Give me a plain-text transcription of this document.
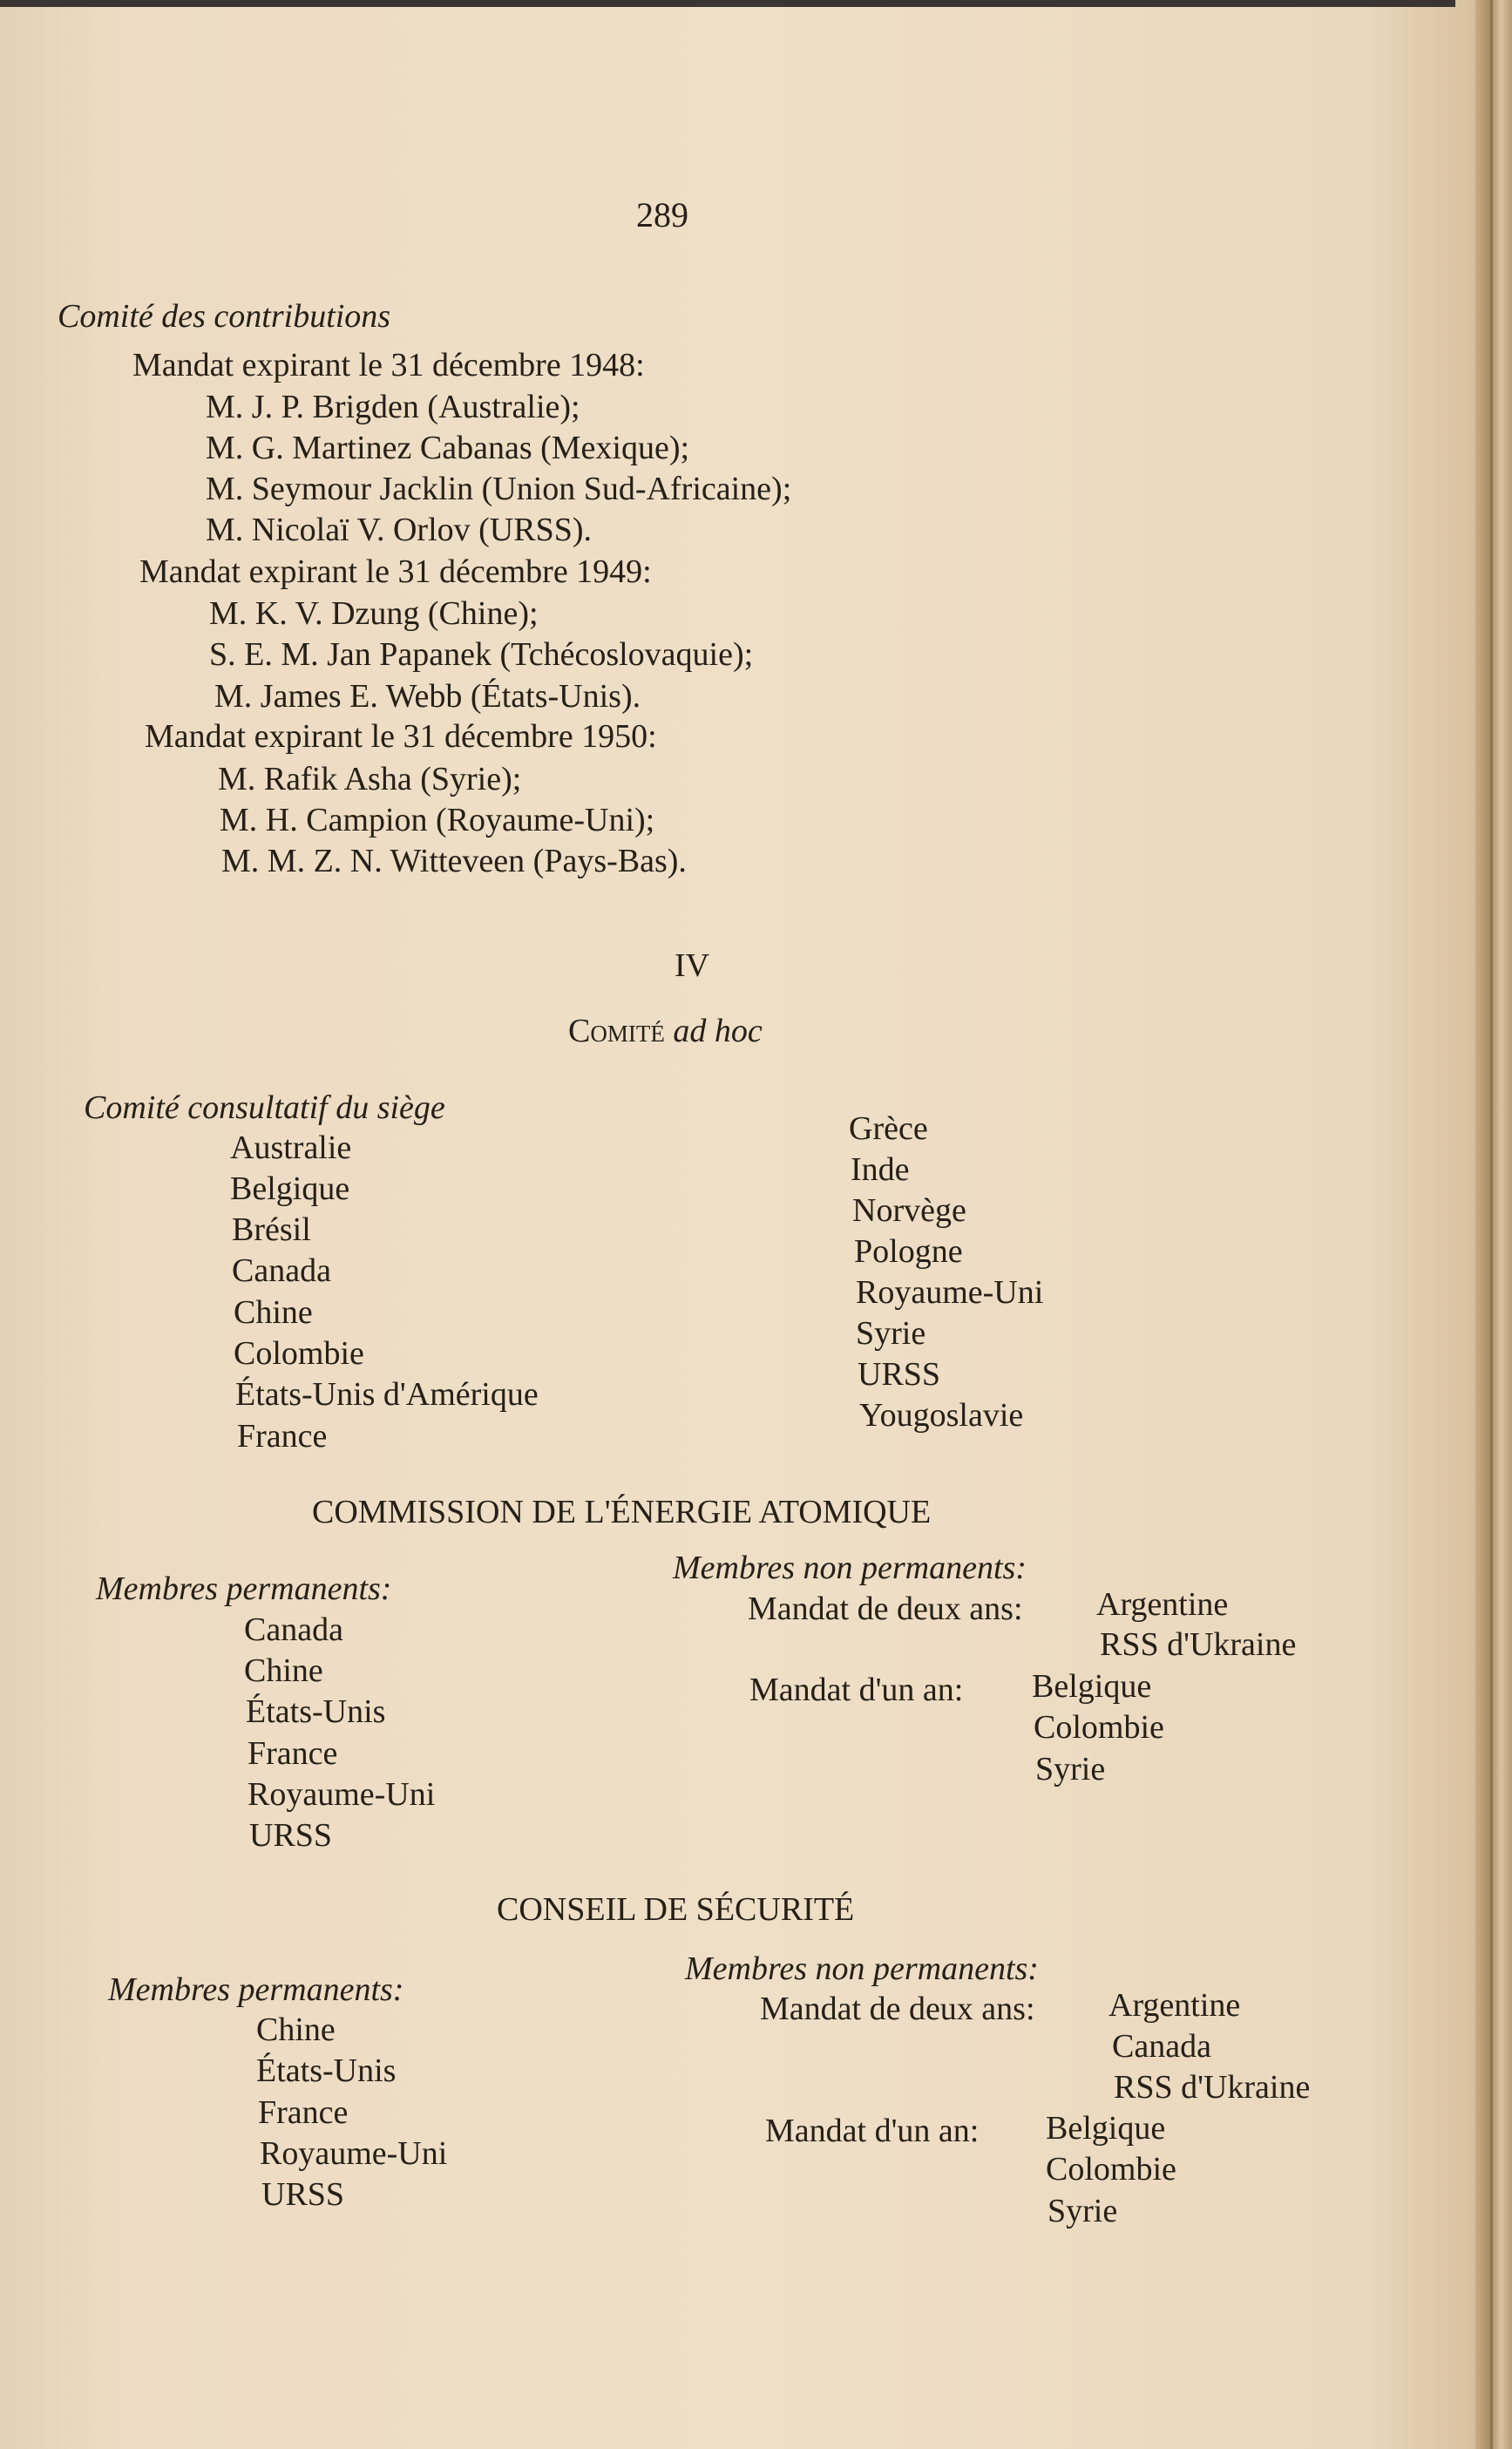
289
Comité des contributions
Mandat expirant le 31 décembre 1948:
M. J. P. Brigden (Australie);
M. G. Martinez Cabanas (Mexique);
M. Seymour Jacklin (Union Sud-Africaine);
M. Nicolaï V. Orlov (URSS).
Mandat expirant le 31 décembre 1949:
M. K. V. Dzung (Chine);
S. E. M. Jan Papanek (Tchécoslovaquie);
M. James E. Webb (États-Unis).
Mandat expirant le 31 décembre 1950:
M. Rafik Asha (Syrie);
M. H. Campion (Royaume-Uni);
M. M. Z. N. Witteveen (Pays-Bas).
IV
Comité ad hoc
Comité consultatif du siège
Australie
Belgique
Brésil
Canada
Chine
Colombie
États-Unis d'Amérique
France
Grèce
Inde
Norvège
Pologne
Royaume-Uni
Syrie
URSS
Yougoslavie
COMMISSION DE L'ÉNERGIE ATOMIQUE
Membres permanents:
Canada
Chine
États-Unis
France
Royaume-Uni
URSS
Membres non permanents:
Mandat de deux ans: Argentine
RSS d'Ukraine
Mandat d'un an: Belgique
Colombie
Syrie
CONSEIL DE SÉCURITÉ
Membres permanents:
Chine
États-Unis
France
Royaume-Uni
URSS
Membres non permanents:
Mandat de deux ans: Argentine
Canada
RSS d'Ukraine
Mandat d'un an: Belgique
Colombie
Syrie
